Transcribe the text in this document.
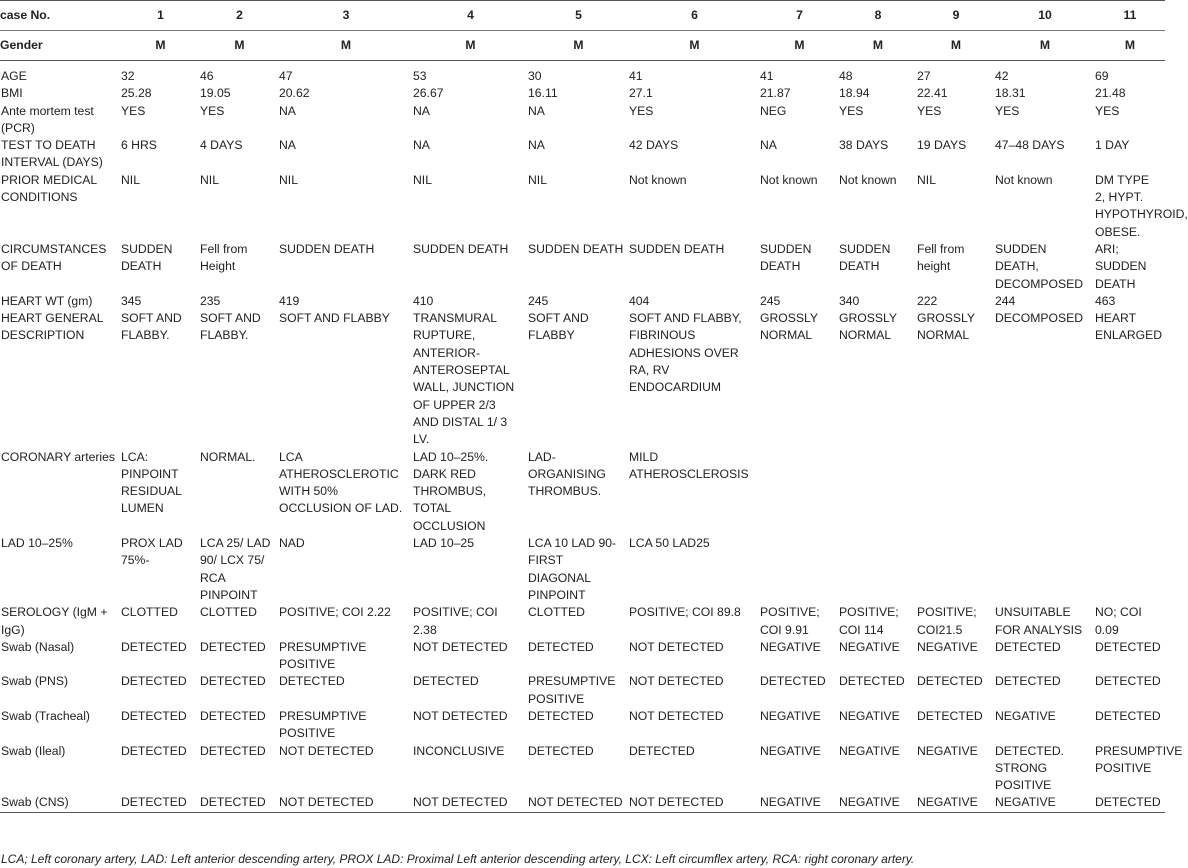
case No.	1	2	3	4	5	6	7	8	9	10	11
Gender	M	M	M	M	M	M	M	M	M	M	M
AGE	32	46	47	53	30	41	41	48	27	42	69
BMI	25.28	19.05	20.62	26.67	16.11	27.1	21.87	18.94	22.41	18.31	21.48
Ante mortem test (PCR)	YES	YES	NA	NA	NA	YES	NEG	YES	YES	YES	YES
TEST TO DEATH INTERVAL (DAYS)	6 HRS	4 DAYS	NA	NA	NA	42 DAYS	NA	38 DAYS	19 DAYS	47–48 DAYS	1 DAY
PRIOR MEDICAL CONDITIONS	NIL	NIL	NIL	NIL	NIL	Not known	Not known	Not known	NIL	Not known	DM TYPE 2, HYPT. HYPOTHYROID, OBESE.
CIRCUMSTANCES OF DEATH	SUDDEN DEATH	Fell from Height	SUDDEN DEATH	SUDDEN DEATH	SUDDEN DEATH	SUDDEN DEATH	SUDDEN DEATH	SUDDEN DEATH	Fell from height	SUDDEN DEATH, DECOMPOSED	ARI; SUDDEN DEATH
HEART WT (gm)	345	235	419	410	245	404	245	340	222	244	463
HEART GENERAL DESCRIPTION	SOFT AND FLABBY.	SOFT AND FLABBY.	SOFT AND FLABBY	TRANSMURAL RUPTURE, ANTERIOR-ANTEROSEPTAL WALL, JUNCTION OF UPPER 2/3 AND DISTAL 1/ 3 LV.	SOFT AND FLABBY	SOFT AND FLABBY, FIBRINOUS ADHESIONS OVER RA, RV ENDOCARDIUM	GROSSLY NORMAL	GROSSLY NORMAL	GROSSLY NORMAL	DECOMPOSED	HEART ENLARGED
CORONARY arteries	LCA: PINPOINT RESIDUAL LUMEN	NORMAL.	LCA ATHEROSCLEROTIC WITH 50% OCCLUSION OF LAD.	LAD 10–25%. DARK RED THROMBUS, TOTAL OCCLUSION	LAD- ORGANISING THROMBUS.	MILD ATHEROSCLEROSIS					
LAD 10–25%	PROX LAD 75%-	LCA 25/ LAD 90/ LCX 75/ RCA PINPOINT	NAD	LAD 10–25	LCA 10 LAD 90- FIRST DIAGONAL PINPOINT	LCA 50 LAD25					
SEROLOGY (IgM + IgG)	CLOTTED	CLOTTED	POSITIVE; COI 2.22	POSITIVE; COI 2.38	CLOTTED	POSITIVE; COI 89.8	POSITIVE; COI 9.91	POSITIVE; COI 114	POSITIVE; COI21.5	UNSUITABLE FOR ANALYSIS	NO; COI 0.09
Swab (Nasal)	DETECTED	DETECTED	PRESUMPTIVE POSITIVE	NOT DETECTED	DETECTED	NOT DETECTED	NEGATIVE	NEGATIVE	NEGATIVE	DETECTED	DETECTED
Swab (PNS)	DETECTED	DETECTED	DETECTED	DETECTED	PRESUMPTIVE POSITIVE	NOT DETECTED	DETECTED	DETECTED	DETECTED	DETECTED	DETECTED
Swab (Tracheal)	DETECTED	DETECTED	PRESUMPTIVE POSITIVE	NOT DETECTED	DETECTED	NOT DETECTED	NEGATIVE	NEGATIVE	DETECTED	NEGATIVE	DETECTED
Swab (Ileal)	DETECTED	DETECTED	NOT DETECTED	INCONCLUSIVE	DETECTED	DETECTED	NEGATIVE	NEGATIVE	NEGATIVE	DETECTED. STRONG POSITIVE	PRESUMPTIVE POSITIVE
Swab (CNS)	DETECTED	DETECTED	NOT DETECTED	NOT DETECTED	NOT DETECTED	NOT DETECTED	NEGATIVE	NEGATIVE	NEGATIVE	NEGATIVE	DETECTED
LCA; Left coronary artery, LAD: Left anterior descending artery, PROX LAD: Proximal Left anterior descending artery, LCX: Left circumflex artery, RCA: right coronary artery.
